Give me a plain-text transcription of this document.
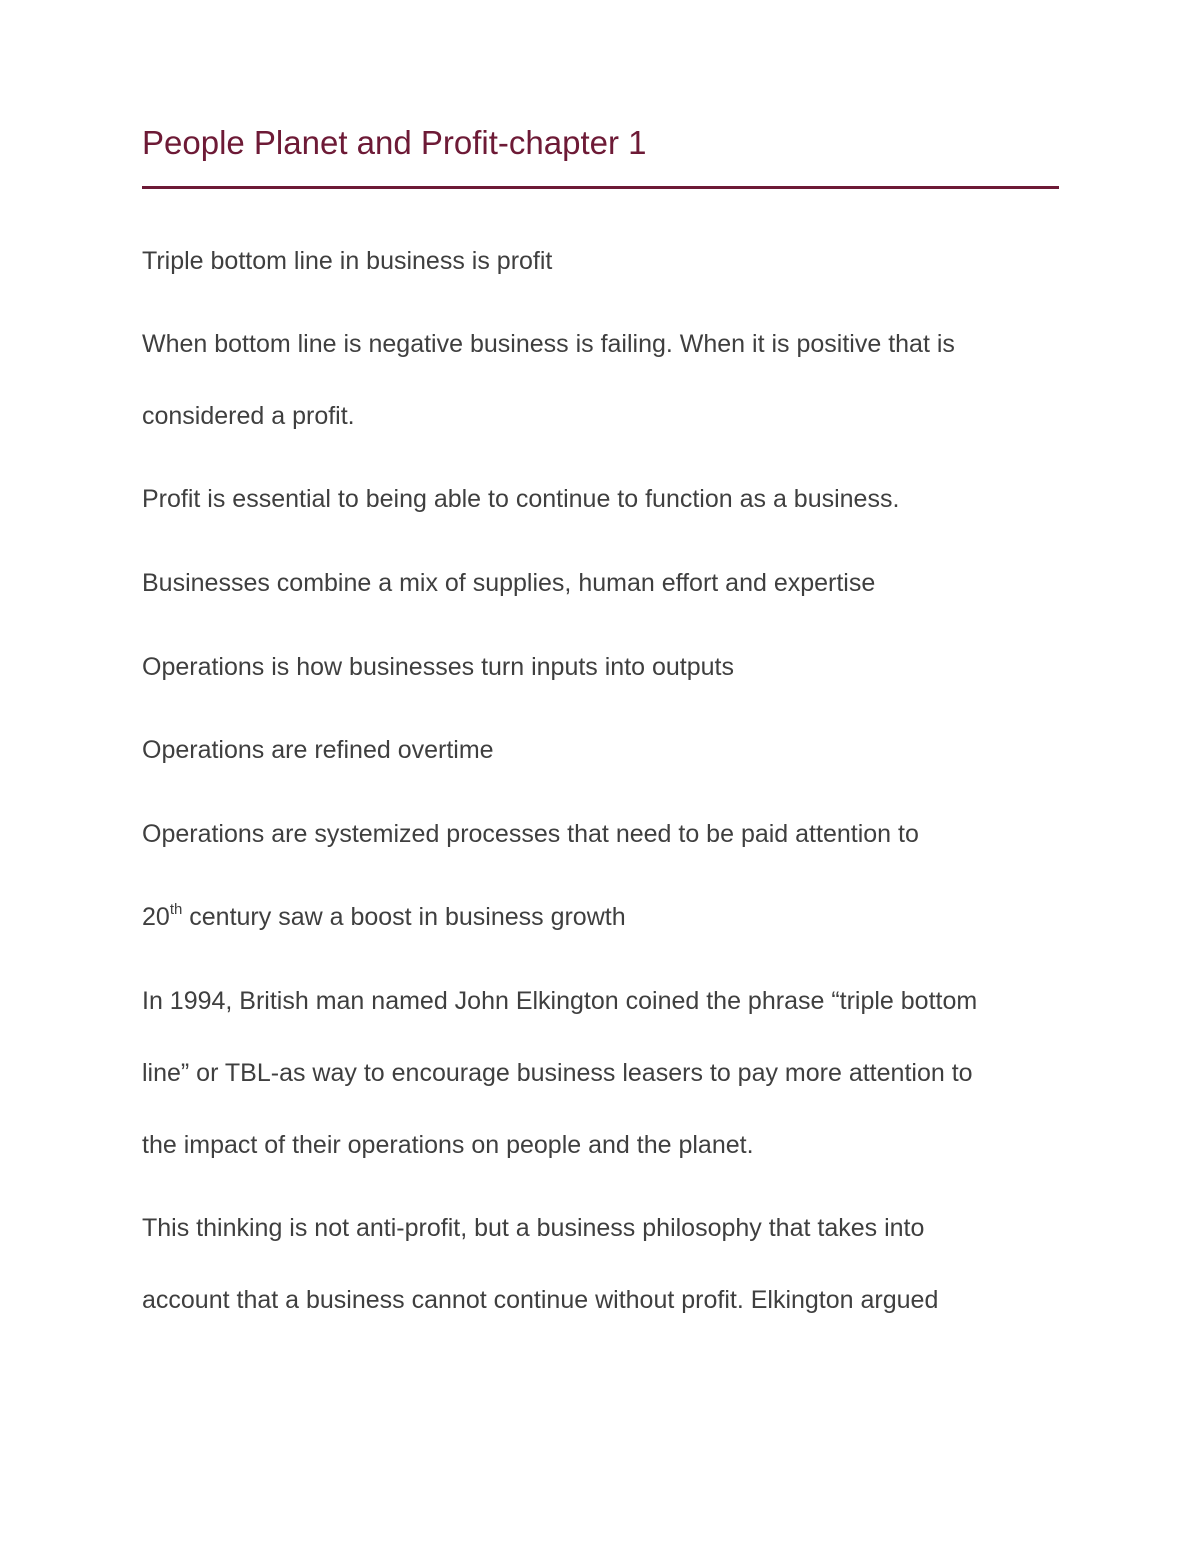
People Planet and Profit-chapter 1

Triple bottom line in business is profit

When bottom line is negative business is failing. When it is positive that is

considered a profit.

Profit is essential to being able to continue to function as a business.

Businesses combine a mix of supplies, human effort and expertise

Operations is how businesses turn inputs into outputs

Operations are refined overtime

Operations are systemized processes that need to be paid attention to

20th century saw a boost in business growth

In 1994, British man named John Elkington coined the phrase “triple bottom

line” or TBL-as way to encourage business leasers to pay more attention to

the impact of their operations on people and the planet.

This thinking is not anti-profit, but a business philosophy that takes into

account that a business cannot continue without profit. Elkington argued
